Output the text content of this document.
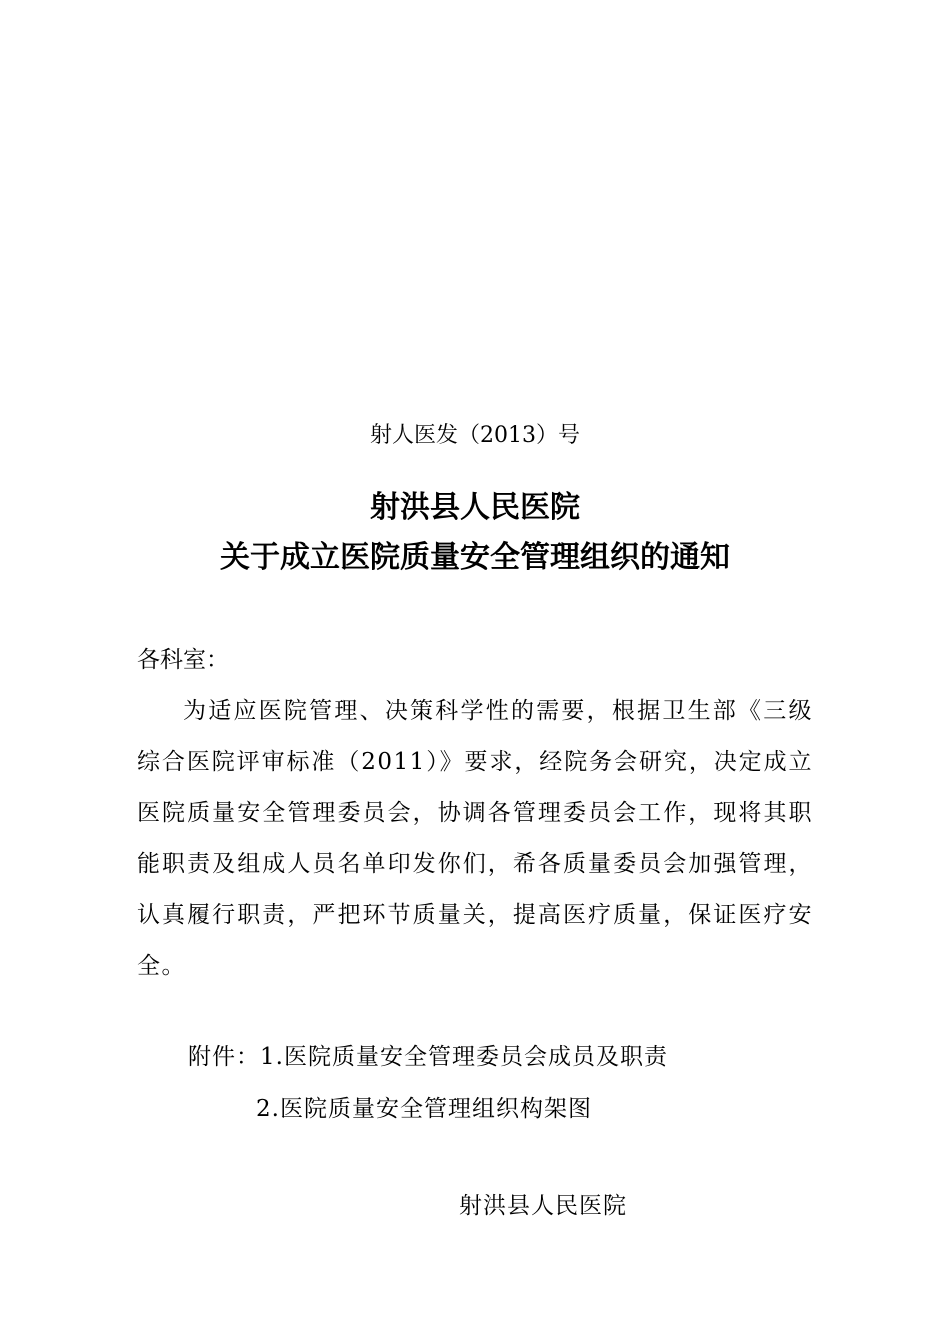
射人医发（2013）号
射洪县人民医院
关于成立医院质量安全管理组织的通知
各科室：

为适应医院管理、决策科学性的需要，根据卫生部《三级综合医院评审标准（2011）》要求，经院务会研究，决定成立医院质量安全管理委员会，协调各管理委员会工作，现将其职能职责及组成人员名单印发你们，希各质量委员会加强管理，认真履行职责，严把环节质量关，提高医疗质量，保证医疗安全。

附件：1.医院质量安全管理委员会成员及职责
2.医院质量安全管理组织构架图
射洪县人民医院
